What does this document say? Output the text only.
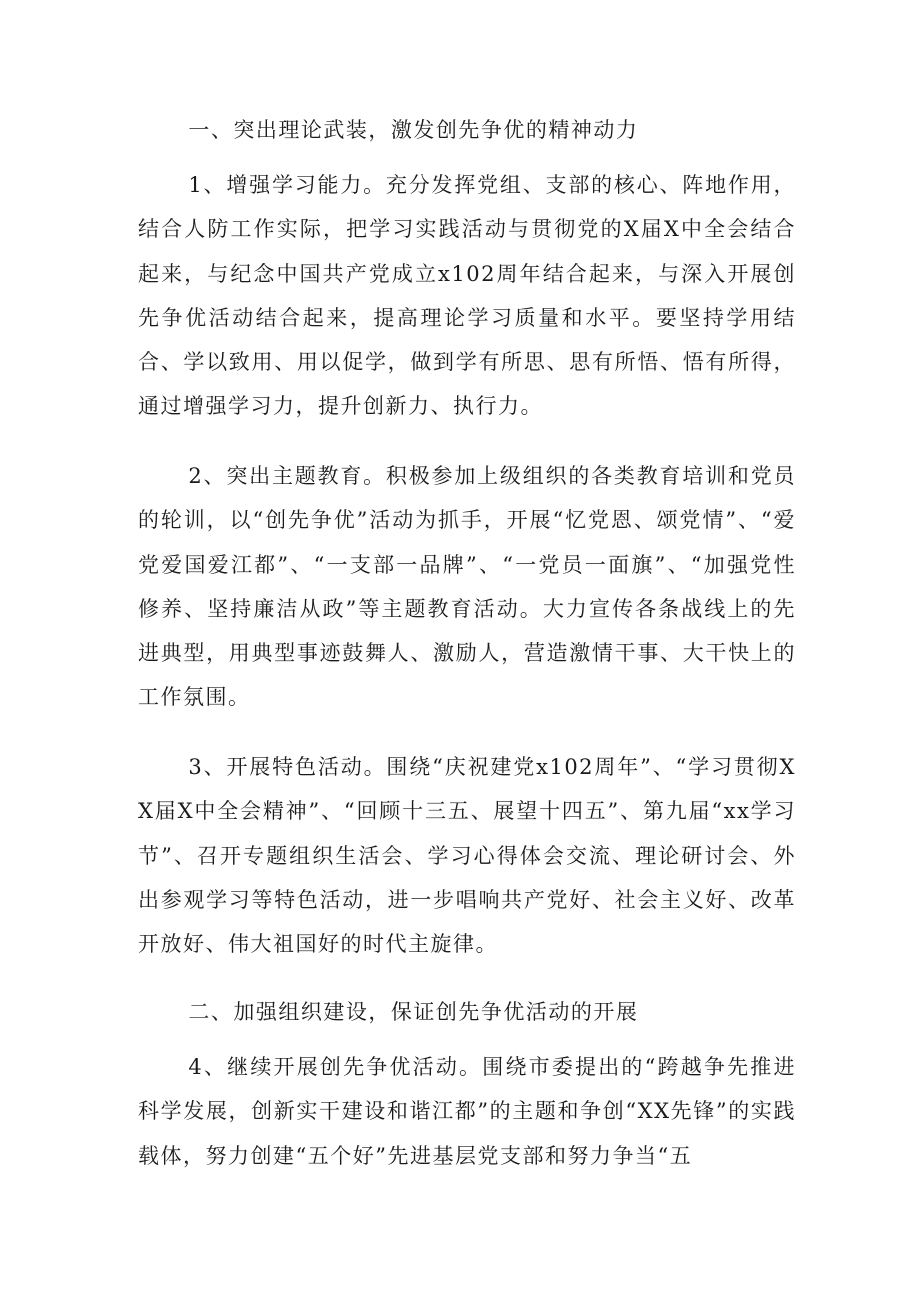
一、突出理论武装，激发创先争优的精神动力

1、增强学习能力。充分发挥党组、支部的核心、阵地作用，结合人防工作实际，把学习实践活动与贯彻党的X届X中全会结合起来，与纪念中国共产党成立x102周年结合起来，与深入开展创先争优活动结合起来，提高理论学习质量和水平。要坚持学用结合、学以致用、用以促学，做到学有所思、思有所悟、悟有所得，通过增强学习力，提升创新力、执行力。

2、突出主题教育。积极参加上级组织的各类教育培训和党员的轮训，以“创先争优”活动为抓手，开展“忆党恩、颂党情”、“爱党爱国爱江都”、“一支部一品牌”、“一党员一面旗”、“加强党性修养、坚持廉洁从政”等主题教育活动。大力宣传各条战线上的先进典型，用典型事迹鼓舞人、激励人，营造激情干事、大干快上的工作氛围。

3、开展特色活动。围绕“庆祝建党x102周年”、“学习贯彻XX届X中全会精神”、“回顾十三五、展望十四五”、第九届“xx学习节”、召开专题组织生活会、学习心得体会交流、理论研讨会、外出参观学习等特色活动，进一步唱响共产党好、社会主义好、改革开放好、伟大祖国好的时代主旋律。

二、加强组织建设，保证创先争优活动的开展

4、继续开展创先争优活动。围绕市委提出的“跨越争先推进科学发展，创新实干建设和谐江都”的主题和争创“XX先锋”的实践载体，努力创建“五个好”先进基层党支部和努力争当“五
